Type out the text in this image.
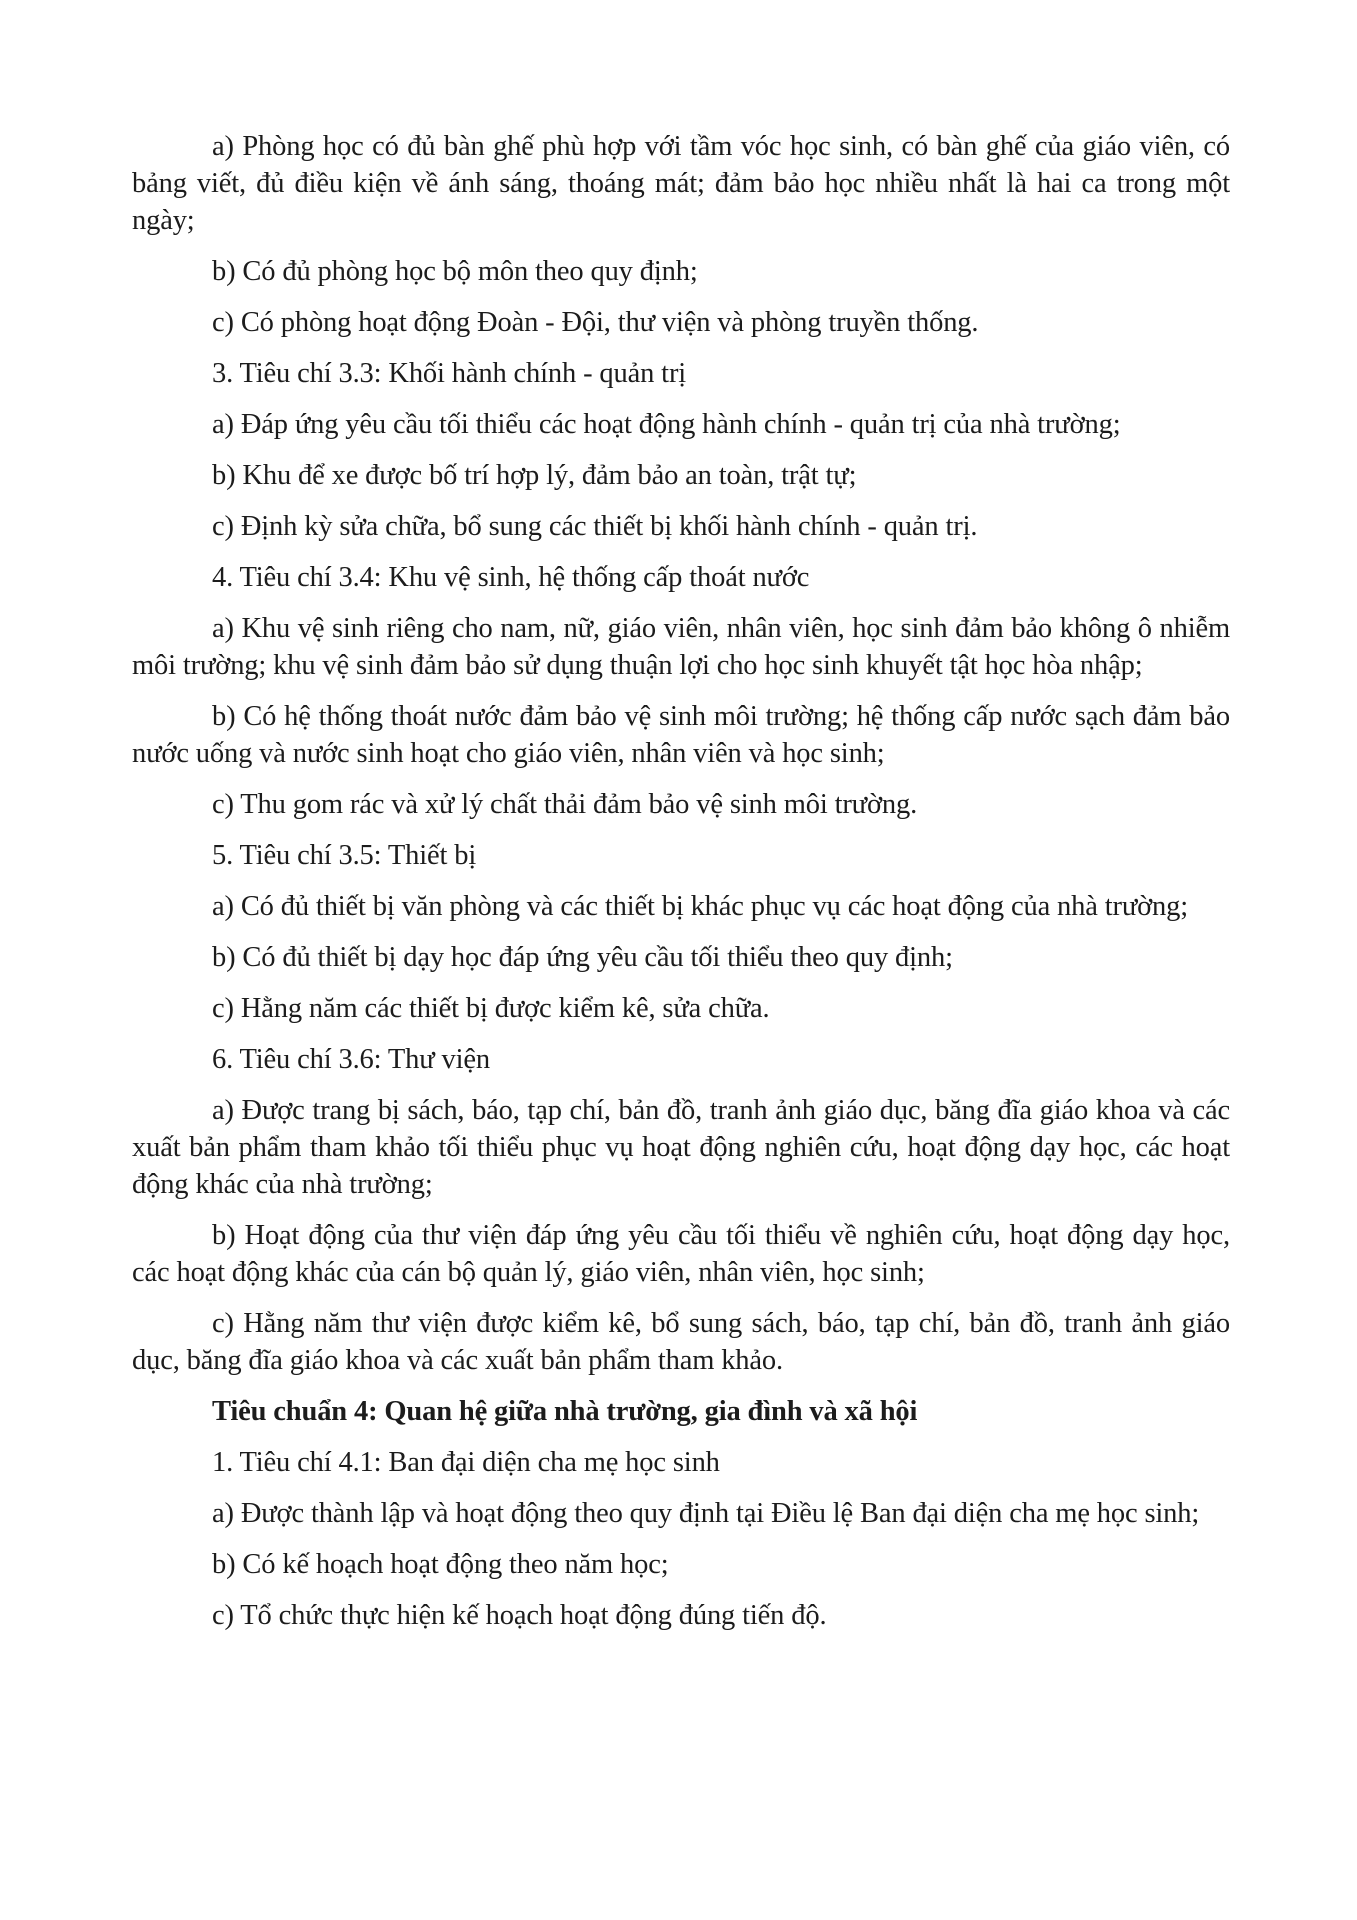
a) Phòng học có đủ bàn ghế phù hợp với tầm vóc học sinh, có bàn ghế của giáo viên, có bảng viết, đủ điều kiện về ánh sáng, thoáng mát; đảm bảo học nhiều nhất là hai ca trong một ngày;

b) Có đủ phòng học bộ môn theo quy định;

c) Có phòng hoạt động Đoàn - Đội, thư viện và phòng truyền thống.

3. Tiêu chí 3.3: Khối hành chính - quản trị

a) Đáp ứng yêu cầu tối thiểu các hoạt động hành chính - quản trị của nhà trường;

b) Khu để xe được bố trí hợp lý, đảm bảo an toàn, trật tự;

c) Định kỳ sửa chữa, bổ sung các thiết bị khối hành chính - quản trị.

4. Tiêu chí 3.4: Khu vệ sinh, hệ thống cấp thoát nước

a) Khu vệ sinh riêng cho nam, nữ, giáo viên, nhân viên, học sinh đảm bảo không ô nhiễm môi trường; khu vệ sinh đảm bảo sử dụng thuận lợi cho học sinh khuyết tật học hòa nhập;

b) Có hệ thống thoát nước đảm bảo vệ sinh môi trường; hệ thống cấp nước sạch đảm bảo nước uống và nước sinh hoạt cho giáo viên, nhân viên và học sinh;

c) Thu gom rác và xử lý chất thải đảm bảo vệ sinh môi trường.

5. Tiêu chí 3.5: Thiết bị

a) Có đủ thiết bị văn phòng và các thiết bị khác phục vụ các hoạt động của nhà trường;

b) Có đủ thiết bị dạy học đáp ứng yêu cầu tối thiểu theo quy định;

c) Hằng năm các thiết bị được kiểm kê, sửa chữa.

6. Tiêu chí 3.6: Thư viện

a) Được trang bị sách, báo, tạp chí, bản đồ, tranh ảnh giáo dục, băng đĩa giáo khoa và các xuất bản phẩm tham khảo tối thiểu phục vụ hoạt động nghiên cứu, hoạt động dạy học, các hoạt động khác của nhà trường;

b) Hoạt động của thư viện đáp ứng yêu cầu tối thiểu về nghiên cứu, hoạt động dạy học, các hoạt động khác của cán bộ quản lý, giáo viên, nhân viên, học sinh;

c) Hằng năm thư viện được kiểm kê, bổ sung sách, báo, tạp chí, bản đồ, tranh ảnh giáo dục, băng đĩa giáo khoa và các xuất bản phẩm tham khảo.

Tiêu chuẩn 4: Quan hệ giữa nhà trường, gia đình và xã hội

1. Tiêu chí 4.1: Ban đại diện cha mẹ học sinh

a) Được thành lập và hoạt động theo quy định tại Điều lệ Ban đại diện cha mẹ học sinh;

b) Có kế hoạch hoạt động theo năm học;

c) Tổ chức thực hiện kế hoạch hoạt động đúng tiến độ.
